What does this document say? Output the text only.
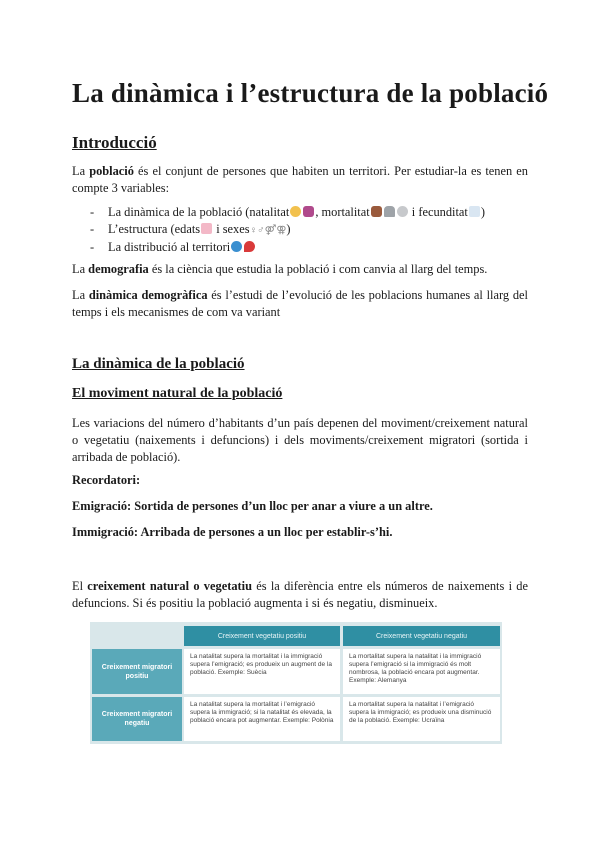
La dinàmica i l’estructura de la població
Introducció

La població és el conjunt de persones que habiten un territori. Per estudiar-la es tenen en compte 3 variables:

- La dinàmica de la població (natalitat , mortalitat	i fecunditat )
- L’estructura (edats i sexes♀♂⚤⚢)
- La distribució al territori

La demografia és la ciència que estudia la població i com canvia al llarg del temps.

La dinàmica demogràfica és l’estudi de l’evolució de les poblacions humanes al llarg del temps i els mecanismes de com va variant

La dinàmica de la població
El moviment natural de la població

Les variacions del número d’habitants d’un país depenen del moviment/creixement natural o vegetatiu (naixements i defuncions) i dels moviments/creixement migratori (sortida i arribada de població).

Recordatori:

Emigració: Sortida de persones d’un lloc per anar a viure a un altre.

Immigració: Arribada de persones a un lloc per establir-s’hi.

El creixement natural o vegetatiu és la diferència entre els números de naixements i de defuncions. Si és positiu la població augmenta i si és negatiu, disminueix.

Creixement vegetatiu positiu	Creixement vegetatiu negatiu
Creixement migratori positiu
Creixement migratori negatiu
La natalitat supera la mortalitat i la immigració supera l’emigració; es produeix un augment de la població. Exemple: Suècia
La mortalitat supera la natalitat i la immigració supera l’emigració si la immigració és molt nombrosa, la població encara pot augmentar. Exemple: Alemanya
La natalitat supera la mortalitat i l’emigració supera la immigració; si la natalitat és elevada, la població encara pot augmentar. Exemple: Polònia
La mortalitat supera la natalitat i l’emigració supera la immigració; es produeix una disminució de la població. Exemple: Ucraïna
